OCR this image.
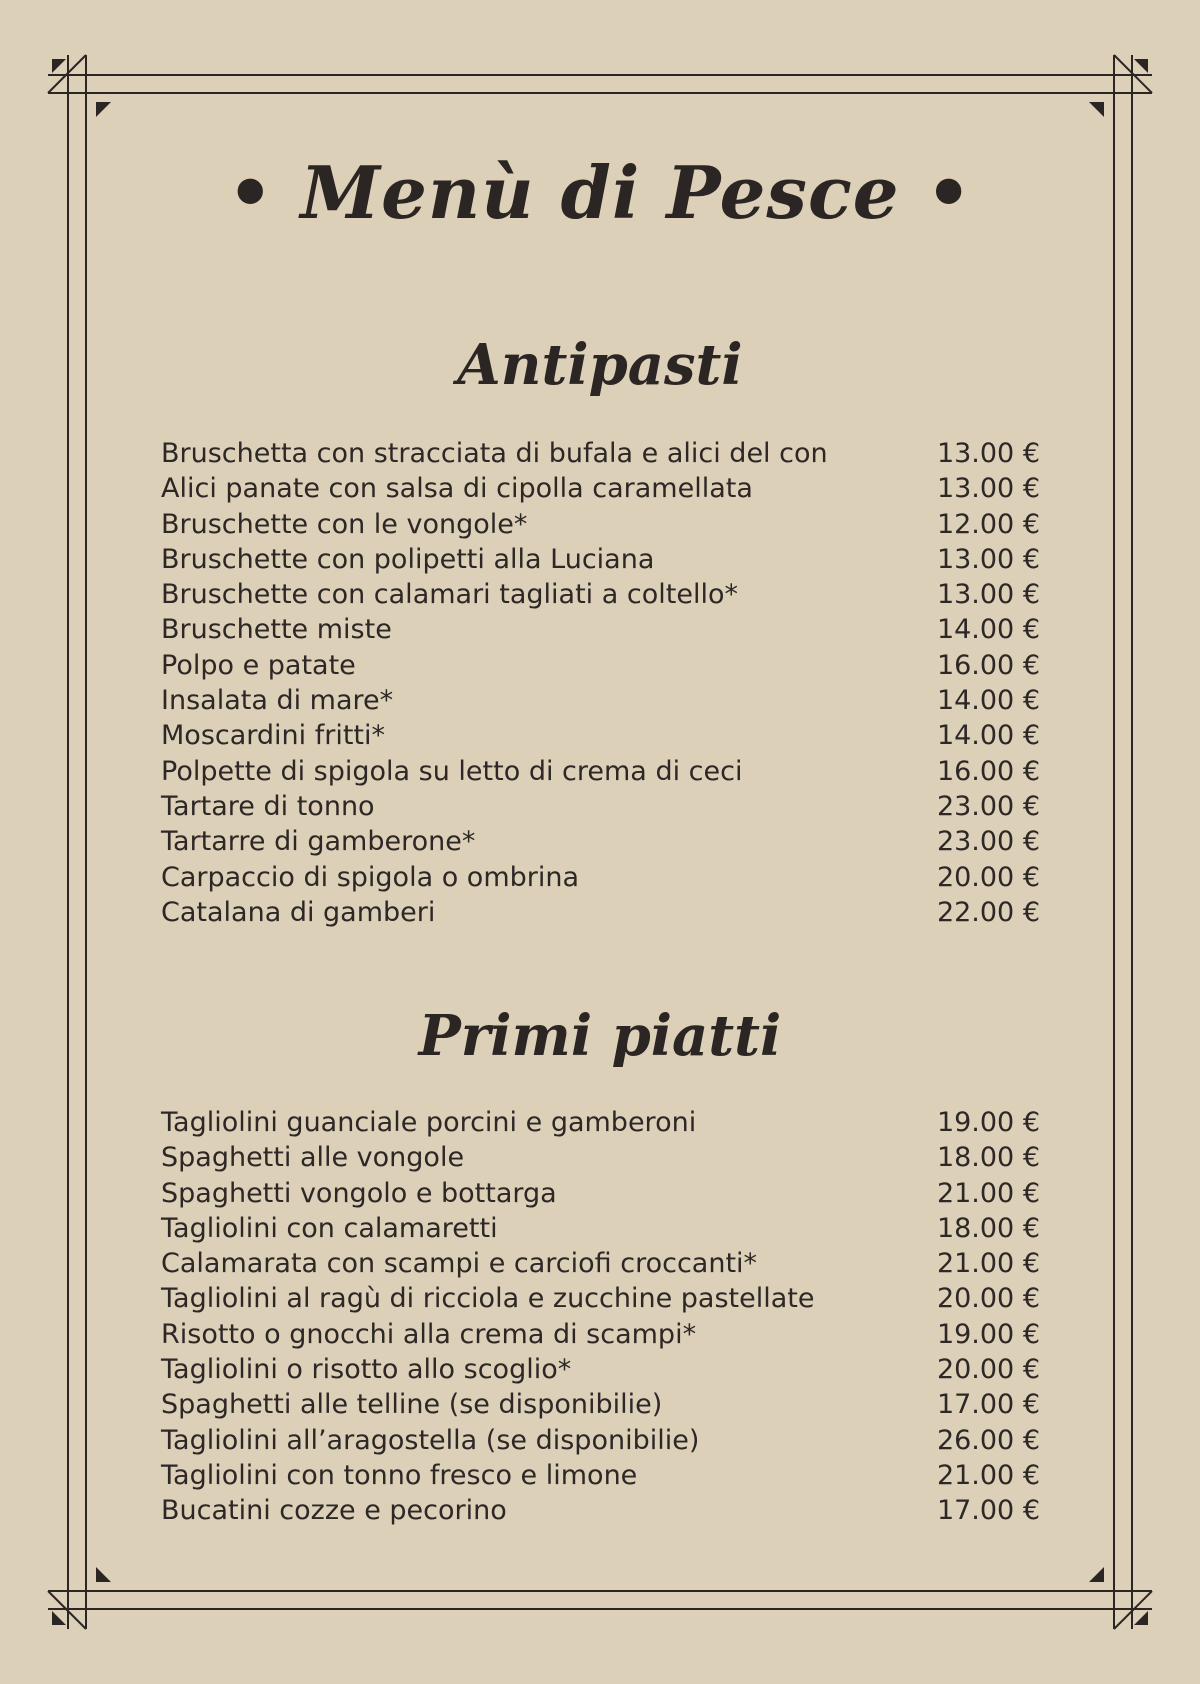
• Menù di Pesce •
Antipasti
Bruschetta con stracciata di bufala e alici del con	13.00 €
Alici panate con salsa di cipolla caramellata	13.00 €
Bruschette con le vongole*	12.00 €
Bruschette con polipetti alla Luciana	13.00 €
Bruschette con calamari tagliati a coltello*	13.00 €
Bruschette miste	14.00 €
Polpo e patate	16.00 €
Insalata di mare*	14.00 €
Moscardini fritti*	14.00 €
Polpette di spigola su letto di crema di ceci	16.00 €
Tartare di tonno	23.00 €
Tartarre di gamberone*	23.00 €
Carpaccio di spigola o ombrina	20.00 €
Catalana di gamberi	22.00 €
Primi piatti
Tagliolini guanciale porcini e gamberoni	19.00 €
Spaghetti alle vongole	18.00 €
Spaghetti vongolo e bottarga	21.00 €
Tagliolini con calamaretti	18.00 €
Calamarata con scampi e carciofi croccanti*	21.00 €
Tagliolini al ragù di ricciola e zucchine pastellate	20.00 €
Risotto o gnocchi alla crema di scampi*	19.00 €
Tagliolini o risotto allo scoglio*	20.00 €
Spaghetti alle telline (se disponibilie)	17.00 €
Tagliolini all’aragostella (se disponibilie)	26.00 €
Tagliolini con tonno fresco e limone	21.00 €
Bucatini cozze e pecorino	17.00 €
